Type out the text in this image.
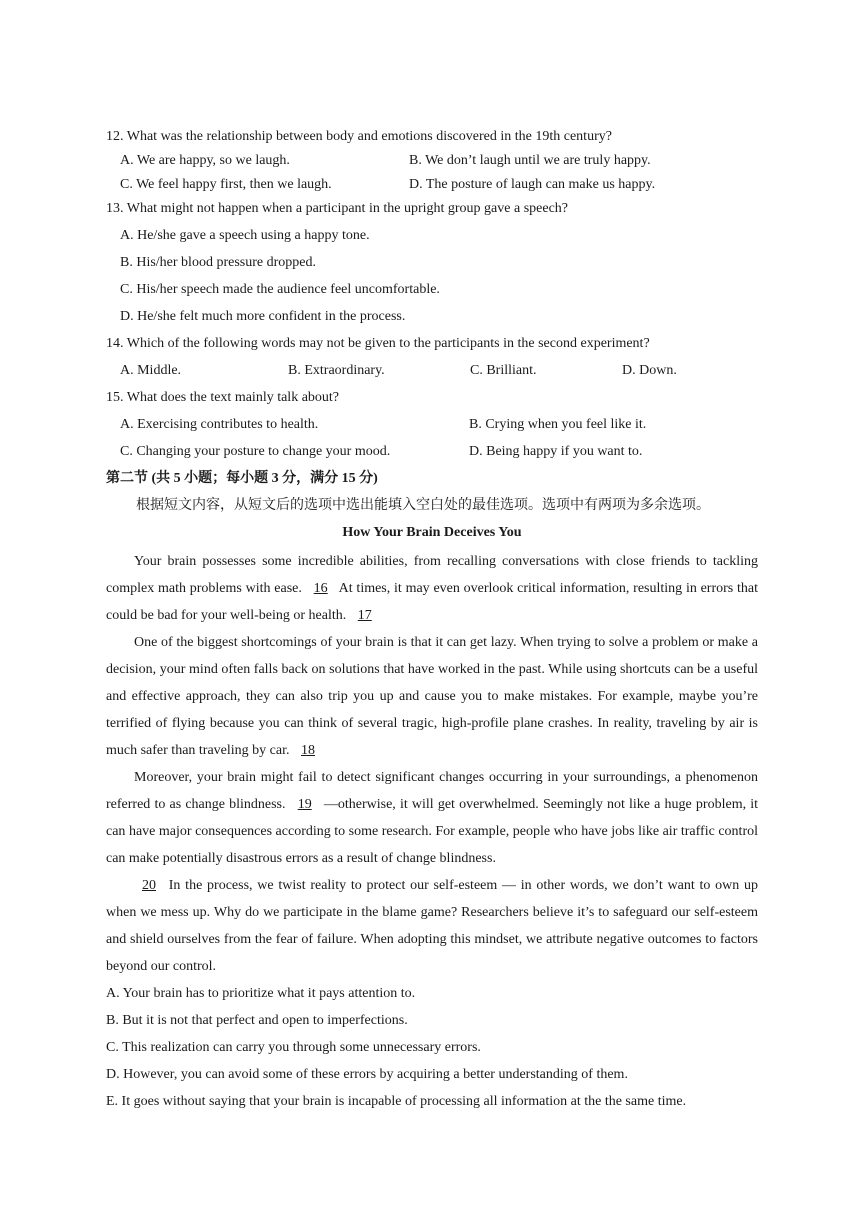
12. What was the relationship between body and emotions discovered in the 19th century?
A. We are happy, so we laugh.	B. We don’t laugh until we are truly happy.
C. We feel happy first, then we laugh.	D. The posture of laugh can make us happy.
13. What might not happen when a participant in the upright group gave a speech?
A. He/she gave a speech using a happy tone.
B. His/her blood pressure dropped.
C. His/her speech made the audience feel uncomfortable.
D. He/she felt much more confident in the process.
14. Which of the following words may not be given to the participants in the second experiment?
A. Middle.	B. Extraordinary.	C. Brilliant.	D. Down.
15. What does the text mainly talk about?
A. Exercising contributes to health.	B. Crying when you feel like it.
C. Changing your posture to change your mood.	D. Being happy if you want to.
第二节 (共 5 小题；每小题 3 分，满分 15 分)
根据短文内容，从短文后的选项中选出能填入空白处的最佳选项。选项中有两项为多余选项。
How Your Brain Deceives You

Your brain possesses some incredible abilities, from recalling conversations with close friends to tackling complex math problems with ease. 16 At times, it may even overlook critical information, resulting in errors that could be bad for your well-being or health. 17

One of the biggest shortcomings of your brain is that it can get lazy. When trying to solve a problem or make a decision, your mind often falls back on solutions that have worked in the past. While using shortcuts can be a useful and effective approach, they can also trip you up and cause you to make mistakes. For example, maybe you’re terrified of flying because you can think of several tragic, high-profile plane crashes. In reality, traveling by air is much safer than traveling by car. 18

Moreover, your brain might fail to detect significant changes occurring in your surroundings, a phenomenon referred to as change blindness. 19 —otherwise, it will get overwhelmed. Seemingly not like a huge problem, it can have major consequences according to some research. For example, people who have jobs like air traffic control can make potentially disastrous errors as a result of change blindness.

20 In the process, we twist reality to protect our self-esteem — in other words, we don’t want to own up when we mess up. Why do we participate in the blame game? Researchers believe it’s to safeguard our self-esteem and shield ourselves from the fear of failure. When adopting this mindset, we attribute negative outcomes to factors beyond our control.

A. Your brain has to prioritize what it pays attention to.
B. But it is not that perfect and open to imperfections.
C. This realization can carry you through some unnecessary errors.
D. However, you can avoid some of these errors by acquiring a better understanding of them.
E. It goes without saying that your brain is incapable of processing all information at the the same time.
